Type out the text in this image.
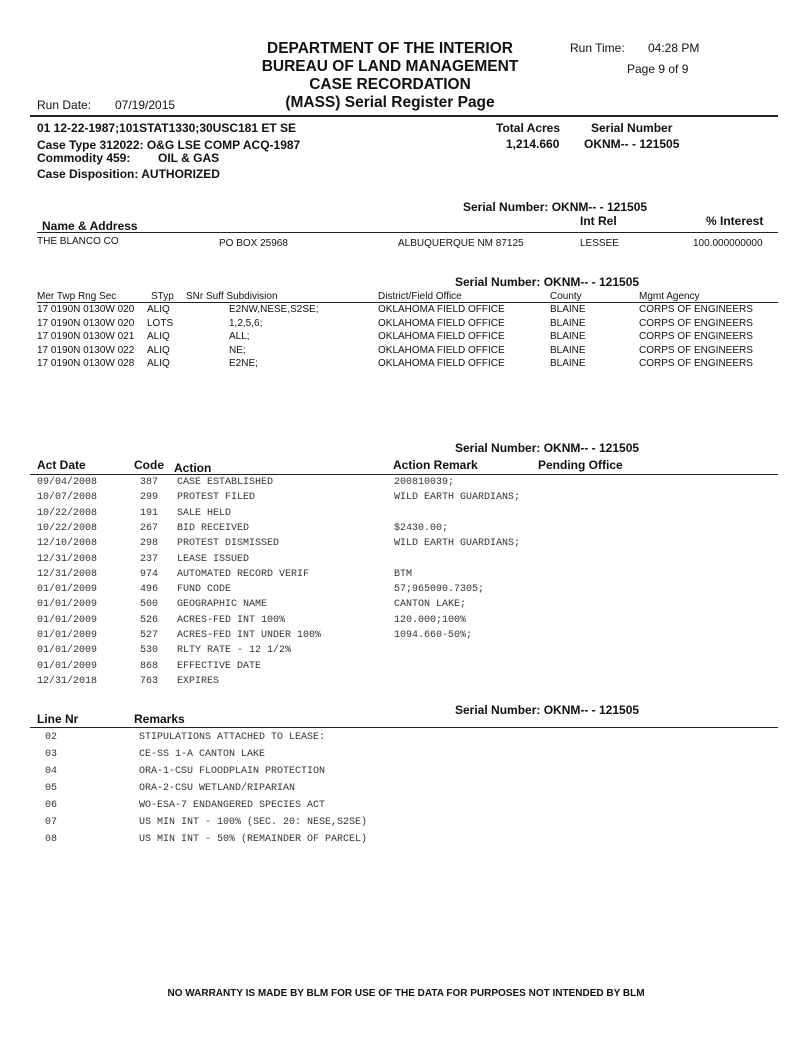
DEPARTMENT OF THE INTERIOR
BUREAU OF LAND MANAGEMENT
CASE RECORDATION
(MASS) Serial Register Page
Run Time: 04:28 PM
Page 9 of 9
Run Date: 07/19/2015
01 12-22-1987;101STAT1330;30USC181 ET SE
Case Type 312022: O&G LSE COMP ACQ-1987
Commodity 459: OIL & GAS
Case Disposition: AUTHORIZED
Total Acres
1,214.660
Serial Number
OKNM-- - 121505
Serial Number: OKNM-- - 121505
Name & Address	Int Rel	% Interest
THE BLANCO CO	PO BOX 25968	ALBUQUERQUE NM 87125	LESSEE	100.000000000
Serial Number: OKNM-- - 121505
Mer Twp Rng Sec	STyp SNr Suff Subdivision	District/Field Office	County	Mgmt Agency
17 0190N 0130W 020 ALIQ	E2NW,NESE,S2SE;	OKLAHOMA FIELD OFFICE	BLAINE	CORPS OF ENGINEERS
17 0190N 0130W 020 LOTS	1,2,5,6;	OKLAHOMA FIELD OFFICE	BLAINE	CORPS OF ENGINEERS
17 0190N 0130W 021 ALIQ	ALL;	OKLAHOMA FIELD OFFICE	BLAINE	CORPS OF ENGINEERS
17 0190N 0130W 022 ALIQ	NE;	OKLAHOMA FIELD OFFICE	BLAINE	CORPS OF ENGINEERS
17 0190N 0130W 028 ALIQ	E2NE;	OKLAHOMA FIELD OFFICE	BLAINE	CORPS OF ENGINEERS
Serial Number: OKNM-- - 121505
Act Date	Code Action	Action Remark	Pending Office
09/04/2008	387 CASE ESTABLISHED	200810039;
10/07/2008	299 PROTEST FILED	WILD EARTH GUARDIANS;
10/22/2008	191 SALE HELD
10/22/2008	267 BID RECEIVED	$2430.00;
12/10/2008	298 PROTEST DISMISSED	WILD EARTH GUARDIANS;
12/31/2008	237 LEASE ISSUED
12/31/2008	974 AUTOMATED RECORD VERIF	BTM
01/01/2009	496 FUND CODE	57;965090.7305;
01/01/2009	500 GEOGRAPHIC NAME	CANTON LAKE;
01/01/2009	526 ACRES-FED INT 100%	120.000;100%
01/01/2009	527 ACRES-FED INT UNDER 100%	1094.660-50%;
01/01/2009	530 RLTY RATE - 12 1/2%
01/01/2009	868 EFFECTIVE DATE
12/31/2018	763 EXPIRES
Serial Number: OKNM-- - 121505
Line Nr	Remarks
02	STIPULATIONS ATTACHED TO LEASE:
03	CE-SS 1-A CANTON LAKE
04	ORA-1-CSU FLOODPLAIN PROTECTION
05	ORA-2-CSU WETLAND/RIPARIAN
06	WO-ESA-7 ENDANGERED SPECIES ACT
07	US MIN INT - 100% (SEC. 20: NESE,S2SE)
08	US MIN INT - 50% (REMAINDER OF PARCEL)
NO WARRANTY IS MADE BY BLM FOR USE OF THE DATA FOR PURPOSES NOT INTENDED BY BLM
